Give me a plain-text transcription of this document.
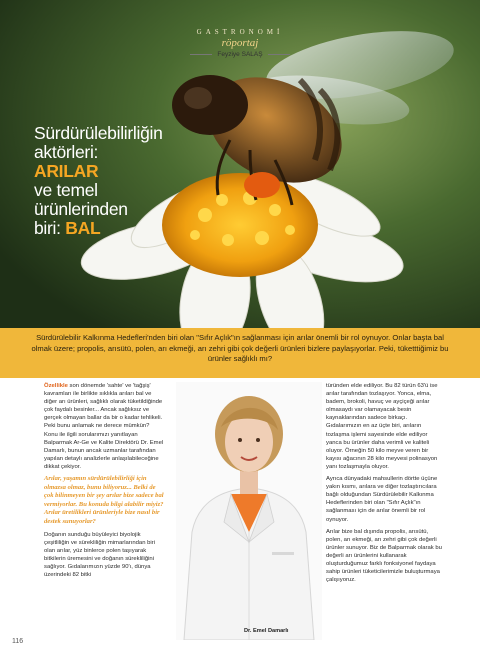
GASTRONOMİ
röportaj
Sürdürülebilirliğin
aktörleri:
ARILAR
ve temel
ürünlerinden
biri: BAL
Sürdürülebilir Kalkınma Hedefleri'nden biri olan "Sıfır Açlık"ın sağlanması için arılar önemli bir rol oynuyor. Onlar başta bal olmak üzere; propolis, arısütü, polen, arı ekmeği, arı zehri gibi çok değerli ürünleri bizlere paylaşıyorlar. Peki, tüketttiğimiz bu ürünler sağlıklı mı?
Feyziye SALAŞ

Özellikle son dönemde 'sahte' ve 'tağşiş' kavramları ile birlikte sıklıkla arıları bal ve diğer arı ürünleri, sağlıklı olarak tüketildiğinde çok faydalı besinler... Ancak sağlıksız ve gerçek olmayan ballar da bir o kadar tehlikeli. Peki bunu anlamak ne derece mümkün? Konu ile ilgili sorularımızı yanıtlayan Balparmak Ar-Ge ve Kalite Direktörü Dr. Emel Damarlı, bunun ancak uzmanlar tarafından yapılan detaylı analizlerle anlaşılabileceğine dikkat çekiyor.

Arılar, yaşamın sürdürülebilirliği için olmazsa olmaz, bunu biliyoruz... Belki de çok bilinmeyen bir şey arılar bize sadece bal vermiyorlar. Bu konuda bilgi alabilir miyiz? Arılar üretilikleri ürünleriyle bize nasıl bir destek sunuyorlar?

Doğanın sunduğu büyüleyici biyolojik çeşitliliğin ve sürekliliğin mimarlarından biri olan arılar, yüz binlerce polen taşıyarak bitkilerin üremesini ve doğanın sürekliliğini sağlıyor. Gıdalarımızın yüzde 90'ı, dünya üzerindeki 82 bitki

Dr. Emel Damarlı

türünden elde ediliyor. Bu 82 türün 63'ü ise arılar tarafından tozlaşıyor. Yonca, elma, badem, brokoli, havuç ve ayçiçeği arılar olmasaydı var olamayacak besin kaynaklarından sadece birkaçı. Gıdalarımızın en az üçte biri, arıların tozlaşma işlemi sayesinde elde ediliyor yanca bu ürünler daha verimli ve kaliteli oluyor. Örneğin 50 kilo meyve veren bir kayısı ağacının 28 kilo meyvesi polinasyon yanı tozlaşmayla oluyor.

Ayrıca dünyadaki mahsullerin dörtte üçüne yakın kısmı, arılara ve diğer tozlaştırıcılara bağlı olduğundan Sürdürülebilir Kalkınma Hedeflerinden biri olan "Sıfır Açlık"ın sağlanması için de arılar önemli bir rol oynuyor.

Arılar bize bal dışında propolis, arısütü, polen, arı ekmeği, arı zehri gibi çok değerli ürünler sunuyor. Biz de Balparmak olarak bu değerli arı ürünlerini kullanarak oluşturduğumuz farklı fonksiyonel faydaya sahip ürünleri tüketicilerimizle buluşturmaya çalışıyoruz.

116
